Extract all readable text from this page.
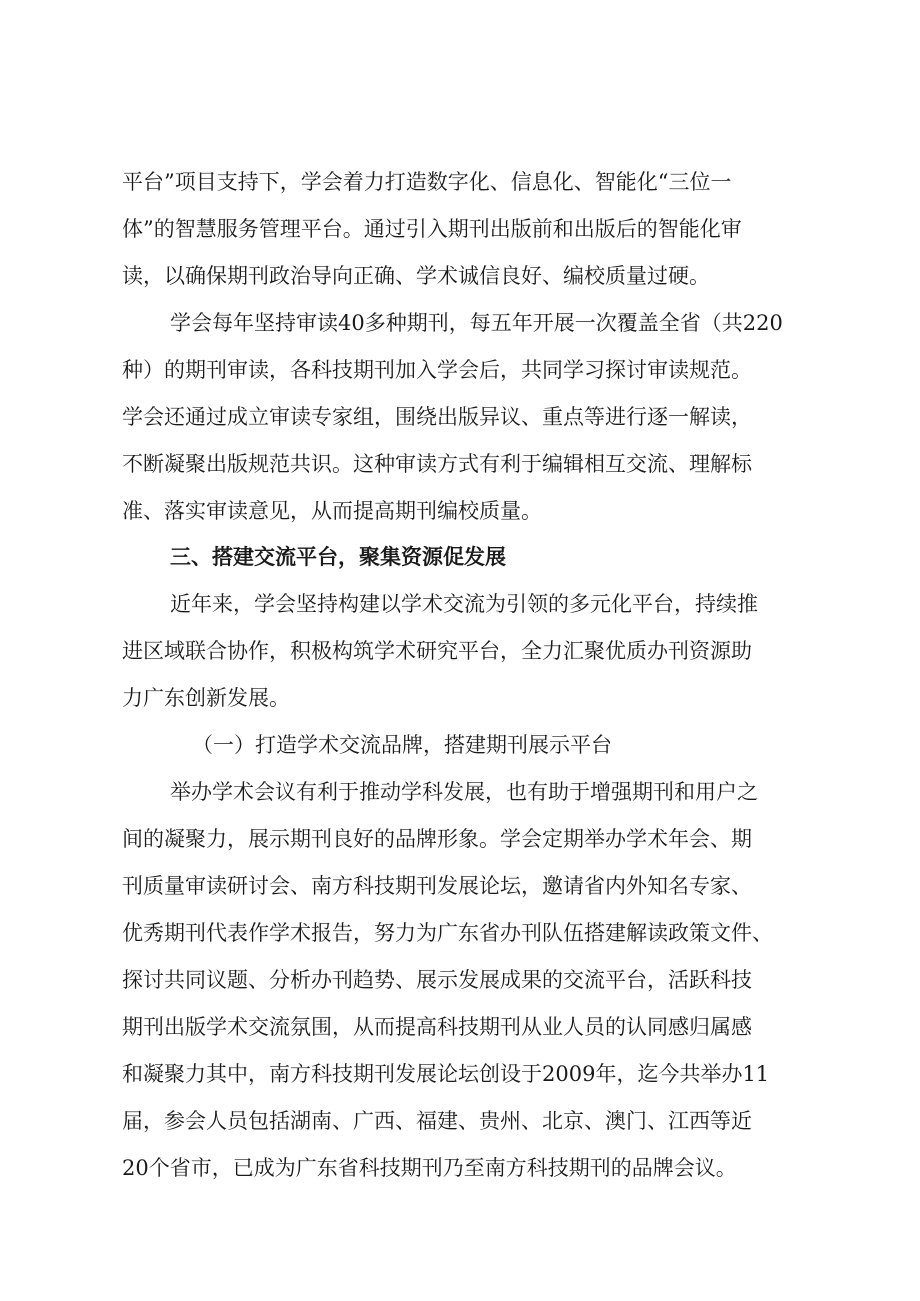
平台”项目支持下，学会着力打造数字化、信息化、智能化“三位一
体”的智慧服务管理平台。通过引入期刊出版前和出版后的智能化审
读，以确保期刊政治导向正确、学术诚信良好、编校质量过硬。
学会每年坚持审读40多种期刊，每五年开展一次覆盖全省（共220
种）的期刊审读，各科技期刊加入学会后，共同学习探讨审读规范。
学会还通过成立审读专家组，围绕出版异议、重点等进行逐一解读，
不断凝聚出版规范共识。这种审读方式有利于编辑相互交流、理解标
准、落实审读意见，从而提高期刊编校质量。
三、搭建交流平台，聚集资源促发展
近年来，学会坚持构建以学术交流为引领的多元化平台，持续推
进区域联合协作，积极构筑学术研究平台，全力汇聚优质办刊资源助
力广东创新发展。
（一）打造学术交流品牌，搭建期刊展示平台
举办学术会议有利于推动学科发展，也有助于增强期刊和用户之
间的凝聚力，展示期刊良好的品牌形象。学会定期举办学术年会、期
刊质量审读研讨会、南方科技期刊发展论坛，邀请省内外知名专家、
优秀期刊代表作学术报告，努力为广东省办刊队伍搭建解读政策文件、
探讨共同议题、分析办刊趋势、展示发展成果的交流平台，活跃科技
期刊出版学术交流氛围，从而提高科技期刊从业人员的认同感归属感
和凝聚力其中，南方科技期刊发展论坛创设于2009年，迄今共举办11
届，参会人员包括湖南、广西、福建、贵州、北京、澳门、江西等近
20个省市，已成为广东省科技期刊乃至南方科技期刊的品牌会议。
